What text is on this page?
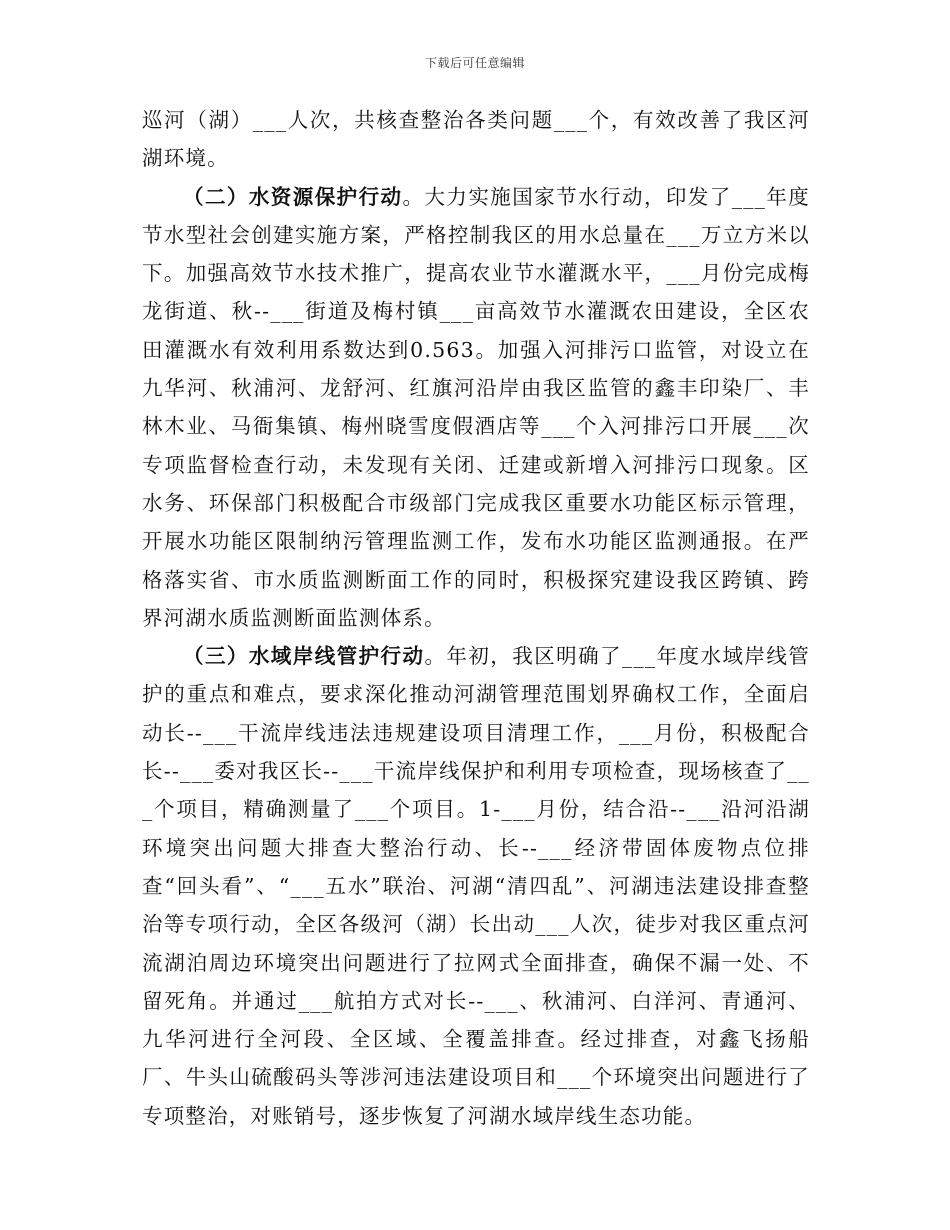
下载后可任意编辑

巡河（湖）___人次，共核查整治各类问题___个，有效改善了我区河湖环境。

（二）水资源保护行动。大力实施国家节水行动，印发了___年度节水型社会创建实施方案，严格控制我区的用水总量在___万立方米以下。加强高效节水技术推广，提高农业节水灌溉水平，___月份完成梅龙街道、秋--___街道及梅村镇___亩高效节水灌溉农田建设，全区农田灌溉水有效利用系数达到0.563。加强入河排污口监管，对设立在九华河、秋浦河、龙舒河、红旗河沿岸由我区监管的鑫丰印染厂、丰林木业、马衙集镇、梅州晓雪度假酒店等___个入河排污口开展___次专项监督检查行动，未发现有关闭、迁建或新增入河排污口现象。区水务、环保部门积极配合市级部门完成我区重要水功能区标示管理，开展水功能区限制纳污管理监测工作，发布水功能区监测通报。在严格落实省、市水质监测断面工作的同时，积极探究建设我区跨镇、跨界河湖水质监测断面监测体系。

（三）水域岸线管护行动。年初，我区明确了___年度水域岸线管护的重点和难点，要求深化推动河湖管理范围划界确权工作，全面启动长--___干流岸线违法违规建设项目清理工作，___月份，积极配合长--___委对我区长--___干流岸线保护和利用专项检查，现场核查了___个项目，精确测量了___个项目。1-___月份，结合沿--___沿河沿湖环境突出问题大排查大整治行动、长--___经济带固体废物点位排查“回头看”、“___五水”联治、河湖“清四乱”、河湖违法建设排查整治等专项行动，全区各级河（湖）长出动___人次，徒步对我区重点河流湖泊周边环境突出问题进行了拉网式全面排查，确保不漏一处、不留死角。并通过___航拍方式对长--___、秋浦河、白洋河、青通河、九华河进行全河段、全区域、全覆盖排查。经过排查，对鑫飞扬船厂、牛头山硫酸码头等涉河违法建设项目和___个环境突出问题进行了专项整治，对账销号，逐步恢复了河湖水域岸线生态功能。
